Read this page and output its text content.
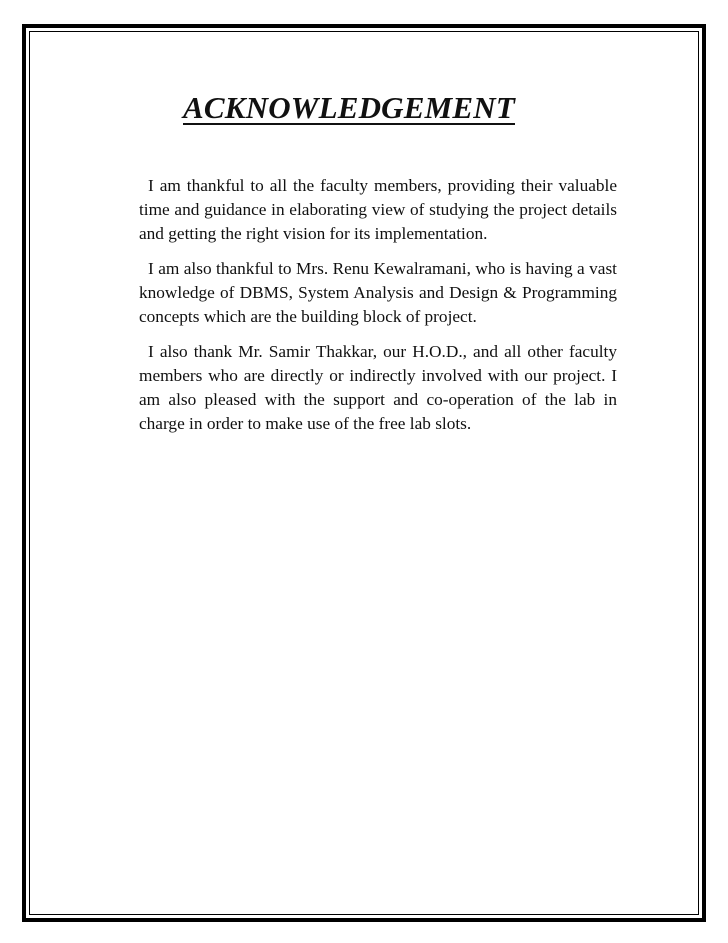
ACKNOWLEDGEMENT

I am thankful to all the faculty members, providing their valuable time and guidance in elaborating view of studying the project details and getting the right vision for its implementation.

I am also thankful to Mrs. Renu Kewalramani, who is having a vast knowledge of DBMS, System Analysis and Design & Programming concepts which are the building block of project.

I also thank Mr. Samir Thakkar, our H.O.D., and all other faculty members who are directly or indirectly involved with our project. I am also pleased with the support and co-operation of the lab in charge in order to make use of the free lab slots.
